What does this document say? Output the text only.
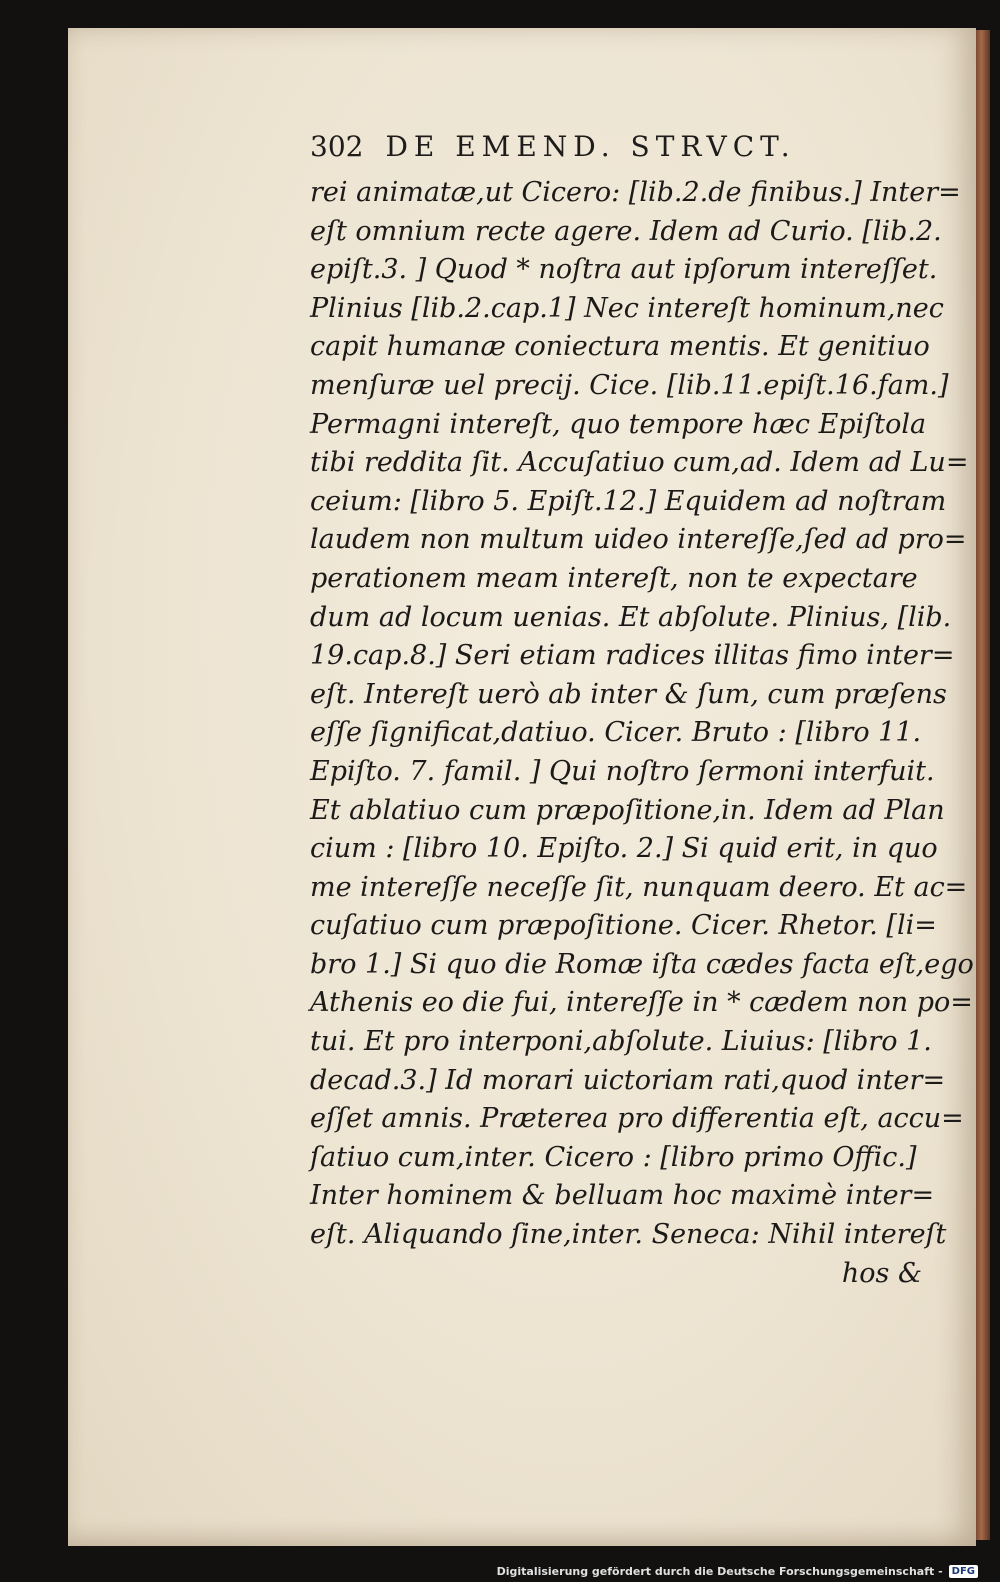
302 DE EMEND. STRVCT.
rei animatæ,ut Cicero: [lib.2.de finibus.] Inter=
eſt omnium recte agere. Idem ad Curio. [lib.2.
epiſt.3. ] Quod * noſtra aut ipſorum intereſſet.
Plinius [lib.2.cap.1] Nec intereſt hominum,nec
capit humanæ coniectura mentis. Et genitiuo
menſuræ uel precij. Cice. [lib.11.epiſt.16.fam.]
Permagni intereſt, quo tempore hæc Epiſtola
tibi reddita ſit. Accuſatiuo cum,ad. Idem ad Lu=
ceium: [libro 5. Epiſt.12.] Equidem ad noſtram
laudem non multum uideo intereſſe,ſed ad pro=
perationem meam intereſt, non te expectare
dum ad locum uenias. Et abſolute. Plinius, [lib.
19.cap.8.] Seri etiam radices illitas fimo inter=
eſt. Intereſt uerò ab inter & ſum, cum præſens
eſſe ſignificat,datiuo. Cicer. Bruto : [libro 11.
Epiſto. 7. famil. ] Qui noſtro ſermoni interfuit.
Et ablatiuo cum præpoſitione,in. Idem ad Plan
cium : [libro 10. Epiſto. 2.] Si quid erit, in quo
me intereſſe neceſſe ſit, nunquam deero. Et ac=
cuſatiuo cum præpoſitione. Cicer. Rhetor. [li=
bro 1.] Si quo die Romæ iſta cædes facta eſt,ego
Athenis eo die fui, intereſſe in * cædem non po=
tui. Et pro interponi,abſolute. Liuius: [libro 1.
decad.3.] Id morari uictoriam rati,quod inter=
eſſet amnis. Præterea pro differentia eſt, accu=
ſatiuo cum,inter. Cicero : [libro primo Offic.]
Inter hominem & belluam hoc maximè inter=
eſt. Aliquando ſine,inter. Seneca: Nihil intereſt
hos &
Digitalisierung gefördert durch die Deutsche Forschungsgemeinschaft - DFG
